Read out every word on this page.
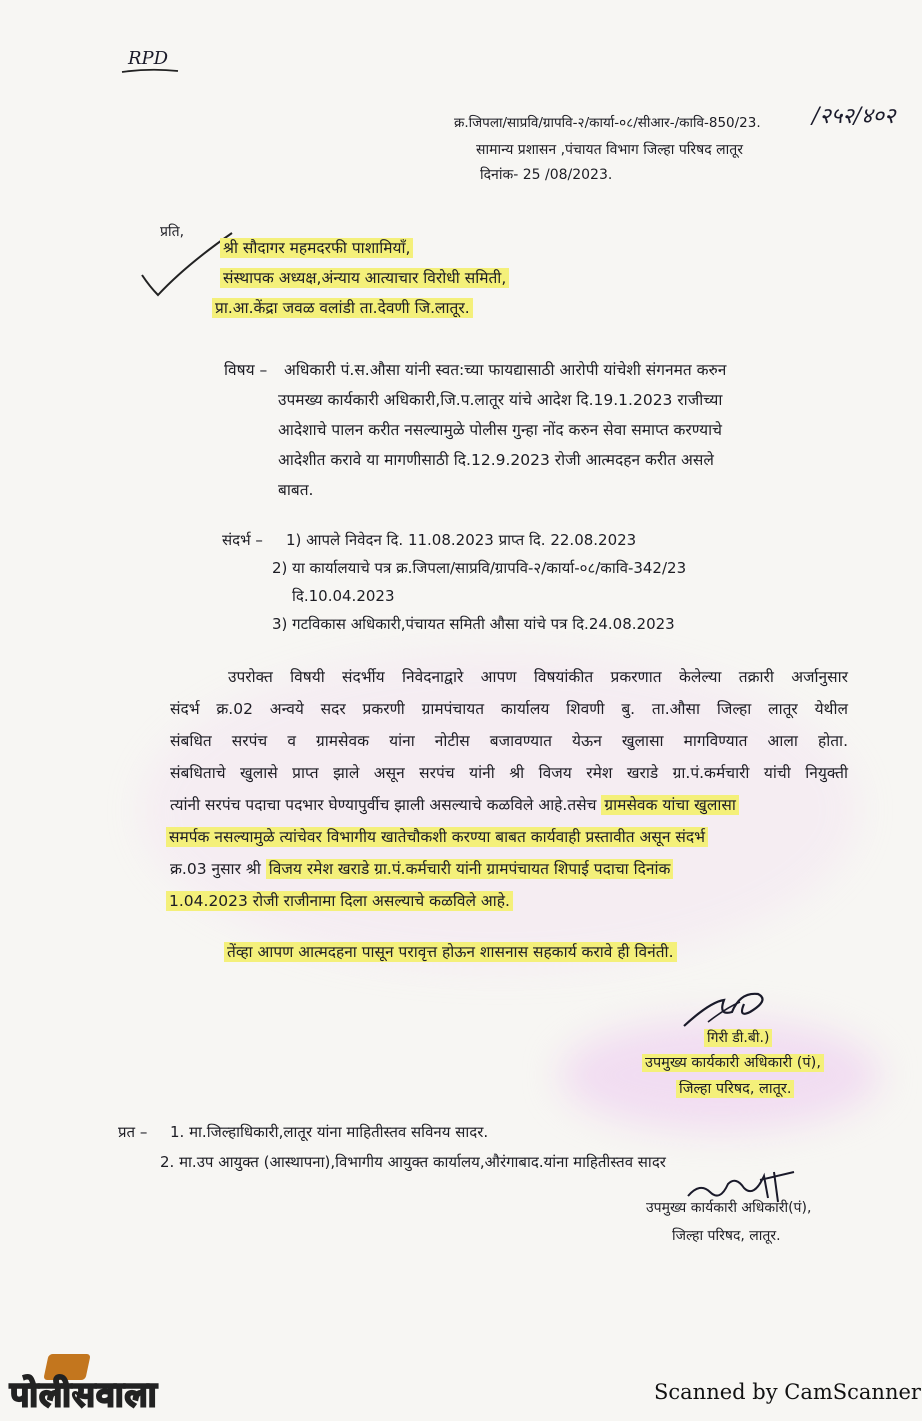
RPD
क्र.जिपला/साप्रवि/ग्रापवि-२/कार्या-०८/सीआर-/कावि-850/23. /२५२/४०२
सामान्य प्रशासन ,पंचायत विभाग जिल्हा परिषद लातूर
दिनांक- 25 /08/2023.
प्रति,
श्री सौदागर महमदरफी पाशामियाँ,
संस्थापक अध्यक्ष,अंन्याय आत्याचार विरोधी समिती,
प्रा.आ.केंद्रा जवळ वलांडी ता.देवणी जि.लातूर.
विषय – अधिकारी पं.स.औसा यांनी स्वत:च्या फायद्यासाठी आरोपी यांचेशी संगनमत करुन
उपमख्य कार्यकारी अधिकारी,जि.प.लातूर यांचे आदेश दि.19.1.2023 राजीच्या
आदेशाचे पालन करीत नसल्यामुळे पोलीस गुन्हा नोंद करुन सेवा समाप्त करण्याचे
आदेशीत करावे या मागणीसाठी दि.12.9.2023 रोजी आत्मदहन करीत असले
बाबत.
संदर्भ – 1) आपले निवेदन दि. 11.08.2023 प्राप्त दि. 22.08.2023
2) या कार्यालयाचे पत्र क्र.जिपला/साप्रवि/ग्रापवि-२/कार्या-०८/कावि-342/23
दि.10.04.2023
3) गटविकास अधिकारी,पंचायत समिती औसा यांचे पत्र दि.24.08.2023
उपरोक्त विषयी संदर्भीय निवेदनाद्वारे आपण विषयांकीत प्रकरणात केलेल्या तक्रारी अर्जानुसार
संदर्भ क्र.02 अन्वये सदर प्रकरणी ग्रामपंचायत कार्यालय शिवणी बु. ता.औसा जिल्हा लातूर येथील
संबधित सरपंच व ग्रामसेवक यांना नोटीस बजावण्यात येऊन खुलासा मागविण्यात आला होता.
संबधिताचे खुलासे प्राप्त झाले असून सरपंच यांनी श्री विजय रमेश खराडे ग्रा.पं.कर्मचारी यांची नियुक्ती
त्यांनी सरपंच पदाचा पदभार घेण्यापुर्वीच झाली असल्याचे कळविले आहे.तसेच ग्रामसेवक यांचा खुलासा
समर्पक नसल्यामुळे त्यांचेवर विभागीय खातेचौकशी करण्या बाबत कार्यवाही प्रस्तावीत असून संदर्भ
क्र.03 नुसार श्री विजय रमेश खराडे ग्रा.पं.कर्मचारी यांनी ग्रामपंचायत शिपाई पदाचा दिनांक
1.04.2023 रोजी राजीनामा दिला असल्याचे कळविले आहे.
तेंव्हा आपण आत्मदहना पासून परावृत्त होऊन शासनास सहकार्य करावे ही विनंती.
गिरी डी.बी.)
उपमुख्य कार्यकारी अधिकारी (पं),
जिल्हा परिषद, लातूर.
प्रत – 1. मा.जिल्हाधिकारी,लातूर यांना माहितीस्तव सविनय सादर.
2. मा.उप आयुक्त (आस्थापना),विभागीय आयुक्त कार्यालय,औरंगाबाद.यांना माहितीस्तव सादर
उपमुख्य कार्यकारी अधिकारी(पं),
जिल्हा परिषद, लातूर.
पोलीसवाला	Scanned by CamScanner
